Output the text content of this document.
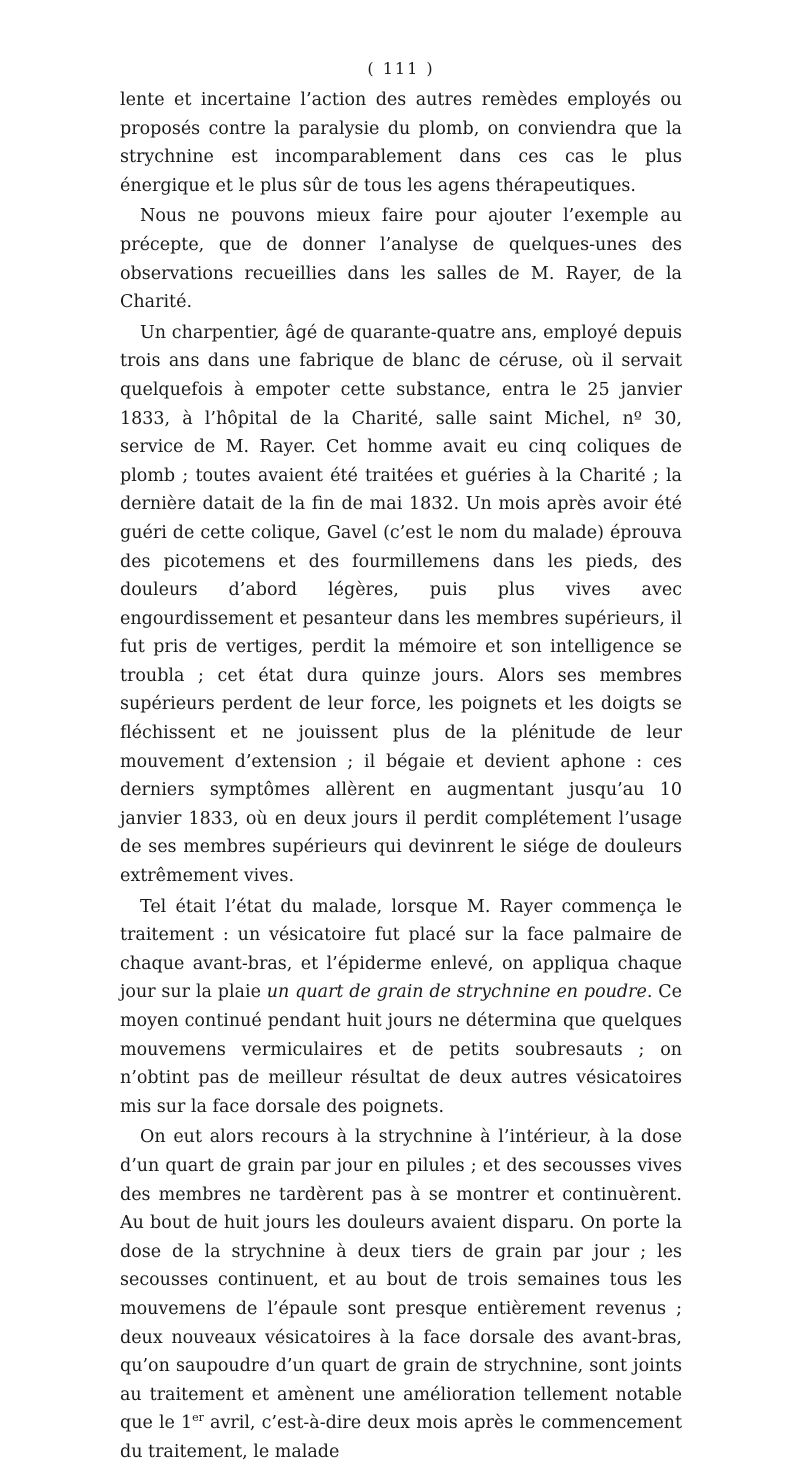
( 111 )

lente et incertaine l’action des autres remèdes employés ou proposés contre la paralysie du plomb, on conviendra que la strychnine est incomparablement dans ces cas le plus énergique et le plus sûr de tous les agens thérapeutiques.

Nous ne pouvons mieux faire pour ajouter l’exemple au précepte, que de donner l’analyse de quelques-unes des observations recueillies dans les salles de M. Rayer, de la Charité.

Un charpentier, âgé de quarante-quatre ans, employé depuis trois ans dans une fabrique de blanc de céruse, où il servait quelquefois à empoter cette substance, entra le 25 janvier 1833, à l’hôpital de la Charité, salle saint Michel, nº 30, service de M. Rayer. Cet homme avait eu cinq coliques de plomb ; toutes avaient été traitées et guéries à la Charité ; la dernière datait de la fin de mai 1832. Un mois après avoir été guéri de cette colique, Gavel (c’est le nom du malade) éprouva des picotemens et des fourmillemens dans les pieds, des douleurs d’abord légères, puis plus vives avec engourdissement et pesanteur dans les membres supérieurs, il fut pris de vertiges, perdit la mémoire et son intelligence se troubla ; cet état dura quinze jours. Alors ses membres supérieurs perdent de leur force, les poignets et les doigts se fléchissent et ne jouissent plus de la plénitude de leur mouvement d’extension ; il bégaie et devient aphone : ces derniers symptômes allèrent en augmentant jusqu’au 10 janvier 1833, où en deux jours il perdit complétement l’usage de ses membres supérieurs qui devinrent le siége de douleurs extrêmement vives.

Tel était l’état du malade, lorsque M. Rayer commença le traitement : un vésicatoire fut placé sur la face palmaire de chaque avant-bras, et l’épiderme enlevé, on appliqua chaque jour sur la plaie un quart de grain de strychnine en poudre. Ce moyen continué pendant huit jours ne détermina que quelques mouvemens vermiculaires et de petits soubresauts ; on n’obtint pas de meilleur résultat de deux autres vésicatoires mis sur la face dorsale des poignets.

On eut alors recours à la strychnine à l’intérieur, à la dose d’un quart de grain par jour en pilules ; et des secousses vives des membres ne tardèrent pas à se montrer et continuèrent. Au bout de huit jours les douleurs avaient disparu. On porte la dose de la strychnine à deux tiers de grain par jour ; les secousses continuent, et au bout de trois semaines tous les mouvemens de l’épaule sont presque entièrement revenus ; deux nouveaux vésicatoires à la face dorsale des avant-bras, qu’on saupoudre d’un quart de grain de strychnine, sont joints au traitement et amènent une amélioration tellement notable que le 1er avril, c’est-à-dire deux mois après le commencement du traitement, le malade
